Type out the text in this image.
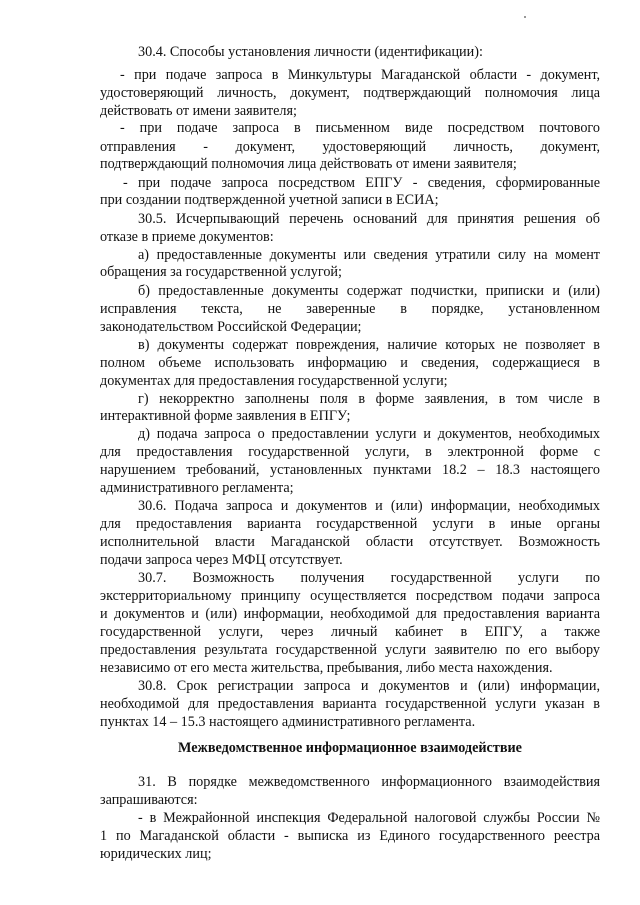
30.4. Способы установления личности (идентификации):
- при подаче запроса в Минкультуры Магаданской области - документ,
удостоверяющий личность, документ, подтверждающий полномочия лица
действовать от имени заявителя;
- при подаче запроса в письменном виде посредством почтового
отправления - документ, удостоверяющий личность, документ,
подтверждающий полномочия лица действовать от имени заявителя;
- при подаче запроса посредством ЕПГУ - сведения, сформированные
при создании подтвержденной учетной записи в ЕСИА;
30.5. Исчерпывающий перечень оснований для принятия решения об
отказе в приеме документов:
а) предоставленные документы или сведения утратили силу на момент
обращения за государственной услугой;
б) предоставленные документы содержат подчистки, приписки и (или)
исправления текста, не заверенные в порядке, установленном
законодательством Российской Федерации;
в) документы содержат повреждения, наличие которых не позволяет в
полном объеме использовать информацию и сведения, содержащиеся в
документах для предоставления государственной услуги;
г) некорректно заполнены поля в форме заявления, в том числе в
интерактивной форме заявления в ЕПГУ;
д) подача запроса о предоставлении услуги и документов, необходимых
для предоставления государственной услуги, в электронной форме с
нарушением требований, установленных пунктами 18.2 – 18.3 настоящего
административного регламента;
30.6. Подача запроса и документов и (или) информации, необходимых
для предоставления варианта государственной услуги в иные органы
исполнительной власти Магаданской области отсутствует. Возможность
подачи запроса через МФЦ отсутствует.
30.7. Возможность получения государственной услуги по
экстерриториальному принципу осуществляется посредством подачи запроса
и документов и (или) информации, необходимой для предоставления варианта
государственной услуги, через личный кабинет в ЕПГУ, а также
предоставления результата государственной услуги заявителю по его выбору
независимо от его места жительства, пребывания, либо места нахождения.
30.8. Срок регистрации запроса и документов и (или) информации,
необходимой для предоставления варианта государственной услуги указан в
пунктах 14 – 15.3 настоящего административного регламента.
Межведомственное информационное взаимодействие
31. В порядке межведомственного информационного взаимодействия
запрашиваются:
- в Межрайонной инспекция Федеральной налоговой службы России №
1 по Магаданской области - выписка из Единого государственного реестра
юридических лиц;
